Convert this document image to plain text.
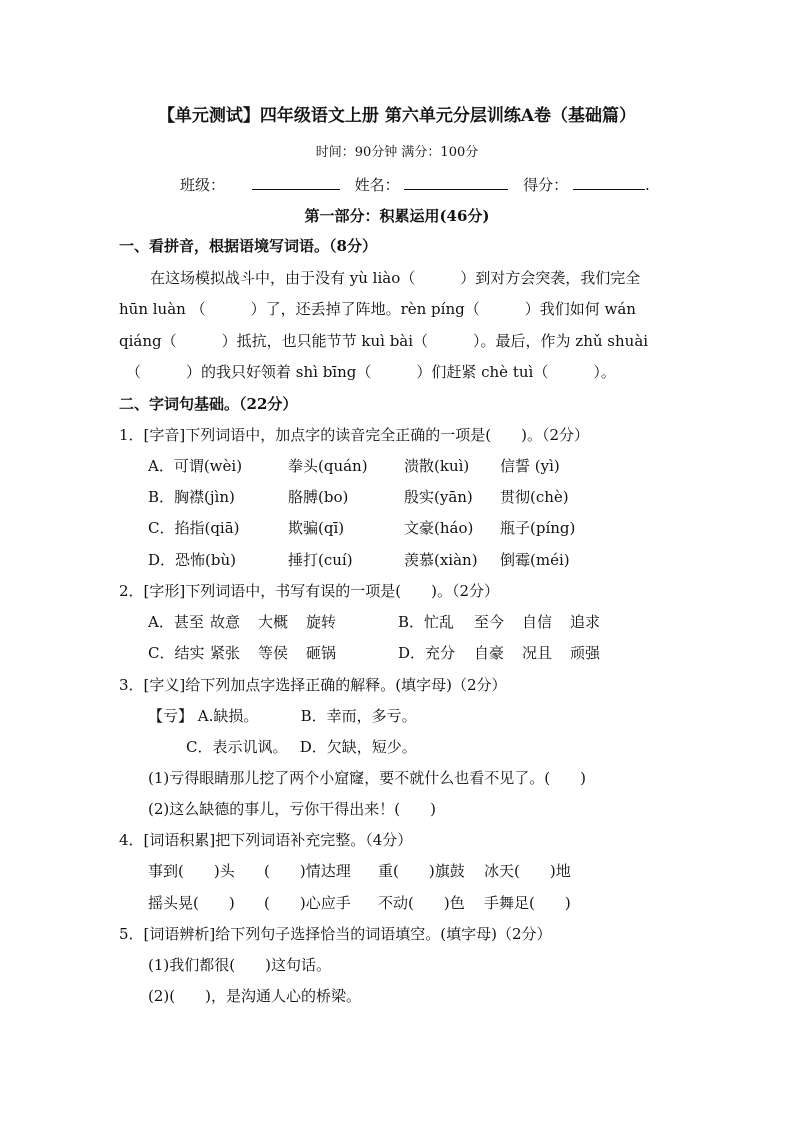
【单元测试】四年级语文上册 第六单元分层训练A卷（基础篇）
时间：90分钟 满分：100分
班级：	姓名：	得分：	.
第一部分：积累运用(46分)
一、看拼音，根据语境写词语。（8分）
在这场模拟战斗中，由于没有 yù liào（　　　）到对方会突袭，我们完全
hūn luàn （　　　）了，还丢掉了阵地。rèn píng（　　　）我们如何 wán
qiáng（　　　）抵抗，也只能节节 kuì bài（　　　）。最后，作为 zhǔ shuài
（　　　）的我只好领着 shì bīng（　　　）们赶紧 chè tuì（　　　）。
二、字词句基础。（22分）
1．[字音]下列词语中，加点字的读音完全正确的一项是(　　)。（2分）
A．可谓(wèi)	拳头(quán) 溃散(kuì) 信誓 (yì)
B．胸襟(jìn)	胳膊(bo)	殷实(yān) 贯彻(chè)
C．掐指(qiā)	欺骗(qī)	文豪(háo) 瓶子(píng)
D．恐怖(bù)	捶打(cuí)	羡慕(xiàn) 倒霉(méi)
2．[字形]下列词语中，书写有误的一项是(　　)。（2分）
A．甚至 故意 大概 旋转	B．忙乱 至今 自信 追求
C．结实 紧张 等侯 砸锅	D．充分 自豪 况且 顽强
3．[字义]给下列加点字选择正确的解释。(填字母)（2分）
【亏】 A.缺损。　　　 B．幸而，多亏。
C．表示讥讽。　 D．欠缺，短少。
(1)亏得眼睛那儿挖了两个小窟窿，要不就什么也看不见了。(　　)
(2)这么缺德的事儿，亏你干得出来！(　　)
4．[词语积累]把下列词语补充完整。（4分）
事到(　　)头 (　　)情达理 重(　　)旗鼓 冰天(　　)地
摇头晃(　　) (　　)心应手 不动(　　)色 手舞足(　　)
5．[词语辨析]给下列句子选择恰当的词语填空。(填字母)（2分）
(1)我们都很(　　)这句话。
(2)(　　)，是沟通人心的桥梁。
